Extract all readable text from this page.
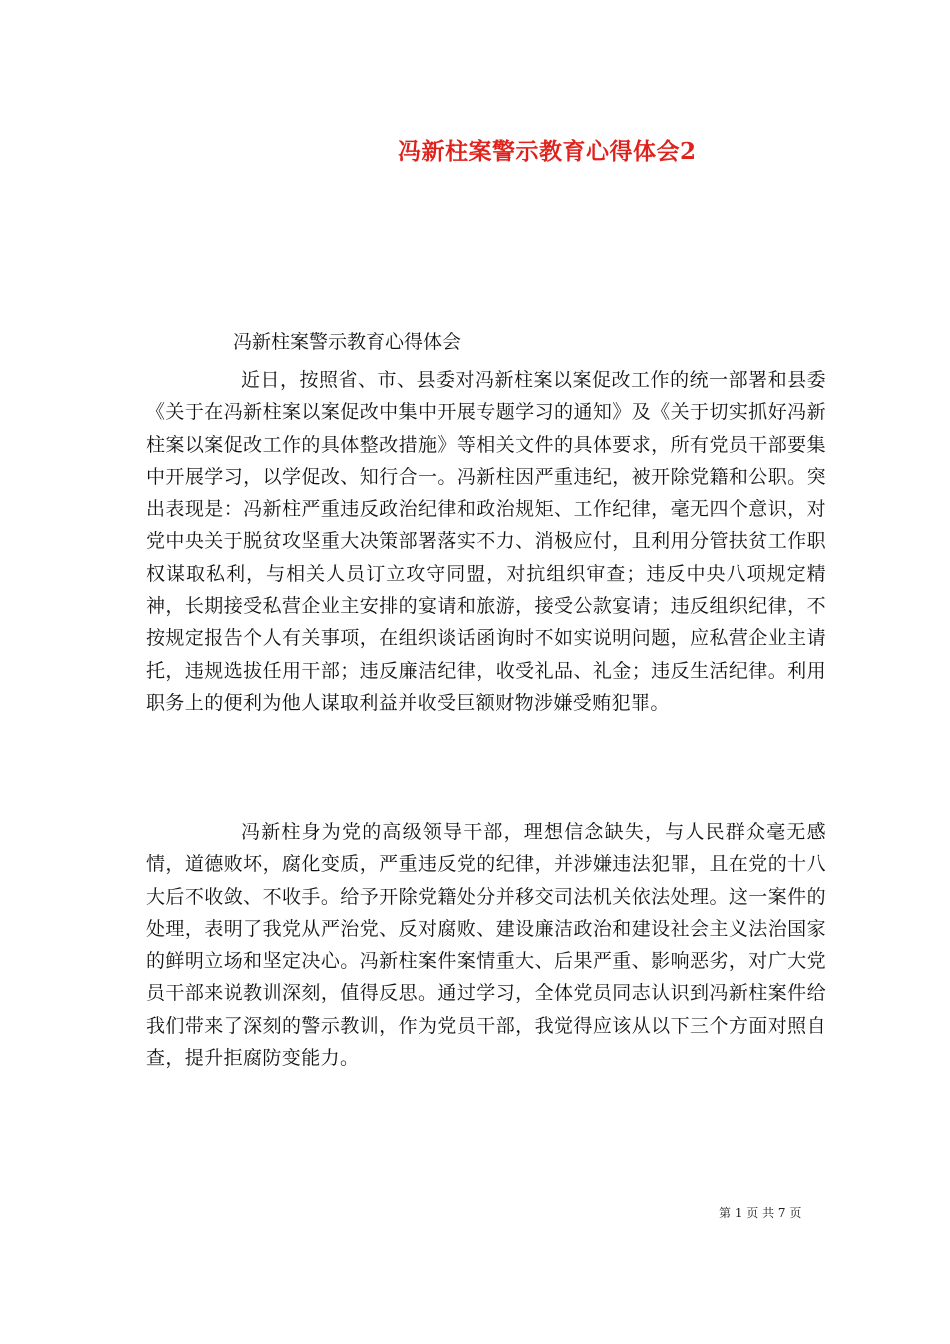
冯新柱案警示教育心得体会2
冯新柱案警示教育心得体会
近日，按照省、市、县委对冯新柱案以案促改工作的统一部署和县委《关于在冯新柱案以案促改中集中开展专题学习的通知》及《关于切实抓好冯新柱案以案促改工作的具体整改措施》等相关文件的具体要求，所有党员干部要集中开展学习，以学促改、知行合一。冯新柱因严重违纪，被开除党籍和公职。突出表现是：冯新柱严重违反政治纪律和政治规矩、工作纪律，毫无四个意识，对党中央关于脱贫攻坚重大决策部署落实不力、消极应付，且利用分管扶贫工作职权谋取私利，与相关人员订立攻守同盟，对抗组织审查；违反中央八项规定精神，长期接受私营企业主安排的宴请和旅游，接受公款宴请；违反组织纪律，不按规定报告个人有关事项，在组织谈话函询时不如实说明问题，应私营企业主请托，违规选拔任用干部；违反廉洁纪律，收受礼品、礼金；违反生活纪律。利用职务上的便利为他人谋取利益并收受巨额财物涉嫌受贿犯罪。
冯新柱身为党的高级领导干部，理想信念缺失，与人民群众毫无感情，道德败坏，腐化变质，严重违反党的纪律，并涉嫌违法犯罪，且在党的十八大后不收敛、不收手。给予开除党籍处分并移交司法机关依法处理。这一案件的处理，表明了我党从严治党、反对腐败、建设廉洁政治和建设社会主义法治国家的鲜明立场和坚定决心。冯新柱案件案情重大、后果严重、影响恶劣，对广大党员干部来说教训深刻，值得反思。通过学习，全体党员同志认识到冯新柱案件给我们带来了深刻的警示教训，作为党员干部，我觉得应该从以下三个方面对照自查，提升拒腐防变能力。
第 1 页 共 7 页
